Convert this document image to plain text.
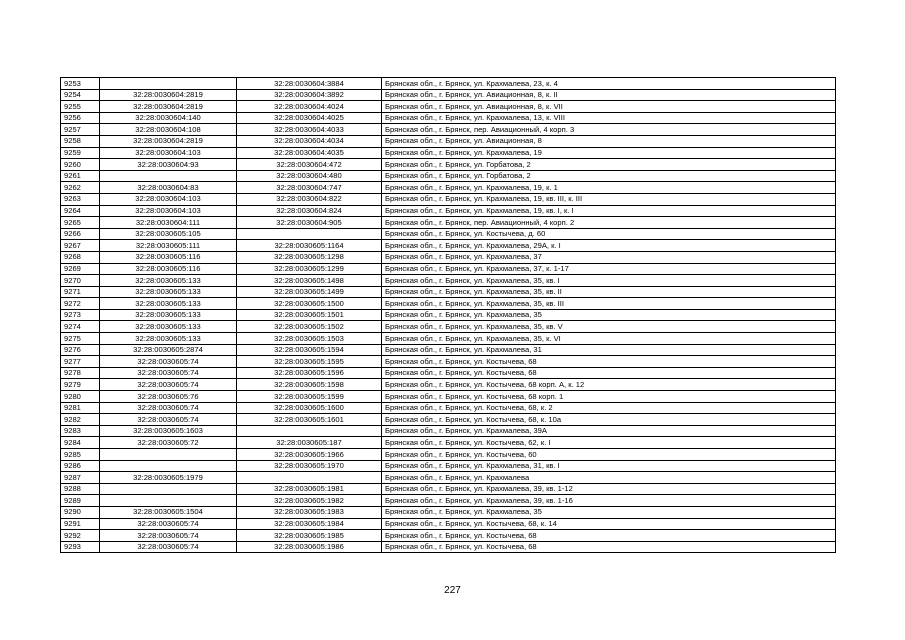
9253		32:28:0030604:3884	Брянская обл., г. Брянск, ул. Крахмалева, 23, к. 4
9254	32:28:0030604:2819	32:28:0030604:3892	Брянская обл., г. Брянск, ул. Авиационная, 8, к. II
9255	32:28:0030604:2819	32:28:0030604:4024	Брянская обл., г. Брянск, ул. Авиационная, 8, к. VII
9256	32:28:0030604:140	32:28:0030604:4025	Брянская обл., г. Брянск, ул. Крахмалева, 13, к. VIII
9257	32:28:0030604:108	32:28:0030604:4033	Брянская обл., г. Брянск, пер. Авиационный, 4 корп. 3
9258	32:28:0030604:2819	32:28:0030604:4034	Брянская обл., г. Брянск, ул. Авиационная, 8
9259	32:28:0030604:103	32:28:0030604:4035	Брянская обл., г. Брянск, ул. Крахмалева, 19
9260	32:28:0030604:93	32:28:0030604:472	Брянская обл., г. Брянск, ул. Горбатова, 2
9261		32:28:0030604:480	Брянская обл., г. Брянск, ул. Горбатова, 2
9262	32:28:0030604:83	32:28:0030604:747	Брянская обл., г. Брянск, ул. Крахмалева, 19, к. 1
9263	32:28:0030604:103	32:28:0030604:822	Брянская обл., г. Брянск, ул. Крахмалева, 19, кв. III, к. III
9264	32:28:0030604:103	32:28:0030604:824	Брянская обл., г. Брянск, ул. Крахмалева, 19, кв. I, к. I
9265	32:28:0030604:111	32:28:0030604:905	Брянская обл., г. Брянск, пер. Авиационный, 4 корп. 2
9266	32:28:0030605:105		Брянская обл., г. Брянск, ул. Костычева, д. 60
9267	32:28:0030605:111	32:28:0030605:1164	Брянская обл., г. Брянск, ул. Крахмалева, 29А, к. I
9268	32:28:0030605:116	32:28:0030605:1298	Брянская обл., г. Брянск, ул. Крахмалева, 37
9269	32:28:0030605:116	32:28:0030605:1299	Брянская обл., г. Брянск, ул. Крахмалева, 37, к. 1-17
9270	32:28:0030605:133	32:28:0030605:1498	Брянская обл., г. Брянск, ул. Крахмалева, 35, кв. I
9271	32:28:0030605:133	32:28:0030605:1499	Брянская обл., г. Брянск, ул. Крахмалева, 35, кв. II
9272	32:28:0030605:133	32:28:0030605:1500	Брянская обл., г. Брянск, ул. Крахмалева, 35, кв. III
9273	32:28:0030605:133	32:28:0030605:1501	Брянская обл., г. Брянск, ул. Крахмалева, 35
9274	32:28:0030605:133	32:28:0030605:1502	Брянская обл., г. Брянск, ул. Крахмалева, 35, кв. V
9275	32:28:0030605:133	32:28:0030605:1503	Брянская обл., г. Брянск, ул. Крахмалева, 35, к. VI
9276	32:28:0030605:2874	32:28:0030605:1594	Брянская обл., г. Брянск, ул. Крахмалева, 31
9277	32:28:0030605:74	32:28:0030605:1595	Брянская обл., г. Брянск, ул. Костычева, 68
9278	32:28:0030605:74	32:28:0030605:1596	Брянская обл., г. Брянск, ул. Костычева, 68
9279	32:28:0030605:74	32:28:0030605:1598	Брянская обл., г. Брянск, ул. Костычева, 68 корп. А, к. 12
9280	32:28:0030605:76	32:28:0030605:1599	Брянская обл., г. Брянск, ул. Костычева, 68 корп. 1
9281	32:28:0030605:74	32:28:0030605:1600	Брянская обл., г. Брянск, ул. Костычева, 68, к. 2
9282	32:28:0030605:74	32:28:0030605:1601	Брянская обл., г. Брянск, ул. Костычева, 68, к. 10а
9283	32:28:0030605:1603		Брянская обл., г. Брянск, ул. Крахмалева, 39А
9284	32:28:0030605:72	32:28:0030605:187	Брянская обл., г. Брянск, ул. Костычева, 62, к. I
9285		32:28:0030605:1966	Брянская обл., г. Брянск, ул. Костычева, 60
9286		32:28:0030605:1970	Брянская обл., г. Брянск, ул. Крахмалева, 31, кв. I
9287	32:28:0030605:1979		Брянская обл., г. Брянск, ул. Крахмалева
9288		32:28:0030605:1981	Брянская обл., г. Брянск, ул. Крахмалева, 39, кв. 1-12
9289		32:28:0030605:1982	Брянская обл., г. Брянск, ул. Крахмалева, 39, кв. 1-16
9290	32:28:0030605:1504	32:28:0030605:1983	Брянская обл., г. Брянск, ул. Крахмалева, 35
9291	32:28:0030605:74	32:28:0030605:1984	Брянская обл., г. Брянск, ул. Костычева, 68, к. 14
9292	32:28:0030605:74	32:28:0030605:1985	Брянская обл., г. Брянск, ул. Костычева, 68
9293	32:28:0030605:74	32:28:0030605:1986	Брянская обл., г. Брянск, ул. Костычева, 68
227
